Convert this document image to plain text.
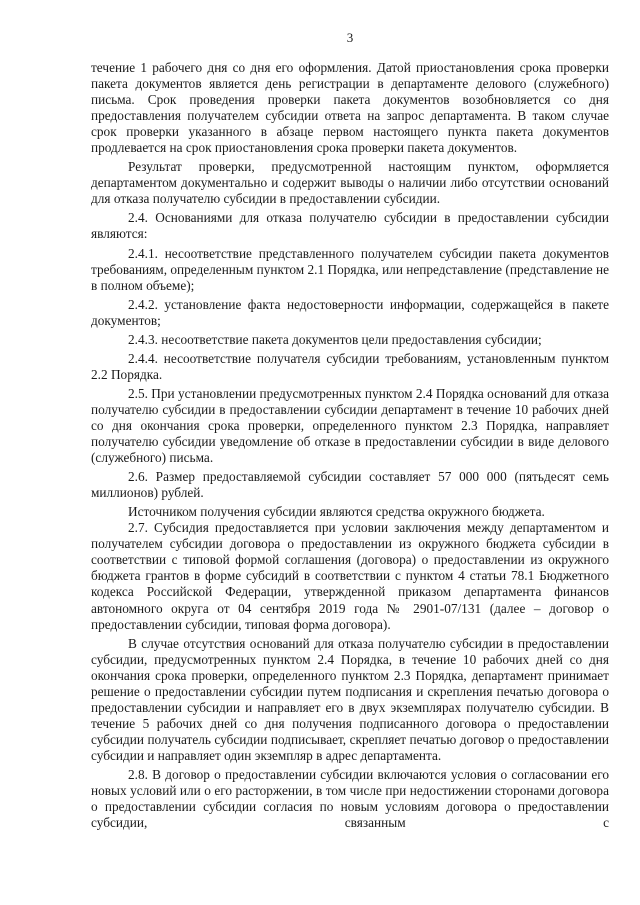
3

течение 1 рабочего дня со дня его оформления. Датой приостановления срока проверки пакета документов является день регистрации в департаменте делового (служебного) письма. Срок проведения проверки пакета документов возобновляется со дня предоставления получателем субсидии ответа на запрос департамента. В таком случае срок проверки указанного в абзаце первом настоящего пункта пакета документов продлевается на срок приостановления срока проверки пакета документов.

Результат проверки, предусмотренной настоящим пунктом, оформляется департаментом документально и содержит выводы о наличии либо отсутствии оснований для отказа получателю субсидии в предоставлении субсидии.

2.4. Основаниями для отказа получателю субсидии в предоставлении субсидии являются:

2.4.1. несоответствие представленного получателем субсидии пакета документов требованиям, определенным пунктом 2.1 Порядка, или непредставление (представление не в полном объеме);

2.4.2. установление факта недостоверности информации, содержащейся в пакете документов;

2.4.3. несоответствие пакета документов цели предоставления субсидии;

2.4.4. несоответствие получателя субсидии требованиям, установленным пунктом 2.2 Порядка.

2.5. При установлении предусмотренных пунктом 2.4 Порядка оснований для отказа получателю субсидии в предоставлении субсидии департамент в течение 10 рабочих дней со дня окончания срока проверки, определенного пунктом 2.3 Порядка, направляет получателю субсидии уведомление об отказе в предоставлении субсидии в виде делового (служебного) письма.

2.6. Размер предоставляемой субсидии составляет 57 000 000 (пятьдесят семь миллионов) рублей.

Источником получения субсидии являются средства окружного бюджета.

2.7. Субсидия предоставляется при условии заключения между департаментом и получателем субсидии договора о предоставлении из окружного бюджета субсидии в соответствии с типовой формой соглашения (договора) о предоставлении из окружного бюджета грантов в форме субсидий в соответствии с пунктом 4 статьи 78.1 Бюджетного кодекса Российской Федерации, утвержденной приказом департамента финансов автономного округа от 04 сентября 2019 года № 2901-07/131 (далее – договор о предоставлении субсидии, типовая форма договора).

В случае отсутствия оснований для отказа получателю субсидии в предоставлении субсидии, предусмотренных пунктом 2.4 Порядка, в течение 10 рабочих дней со дня окончания срока проверки, определенного пунктом 2.3 Порядка, департамент принимает решение о предоставлении субсидии путем подписания и скрепления печатью договора о предоставлении субсидии и направляет его в двух экземплярах получателю субсидии. В течение 5 рабочих дней со дня получения подписанного договора о предоставлении субсидии получатель субсидии подписывает, скрепляет печатью договор о предоставлении субсидии и направляет один экземпляр в адрес департамента.

2.8. В договор о предоставлении субсидии включаются условия о согласовании его новых условий или о его расторжении, в том числе при недостижении сторонами договора о предоставлении субсидии согласия по новым условиям договора о предоставлении субсидии, связанным с
